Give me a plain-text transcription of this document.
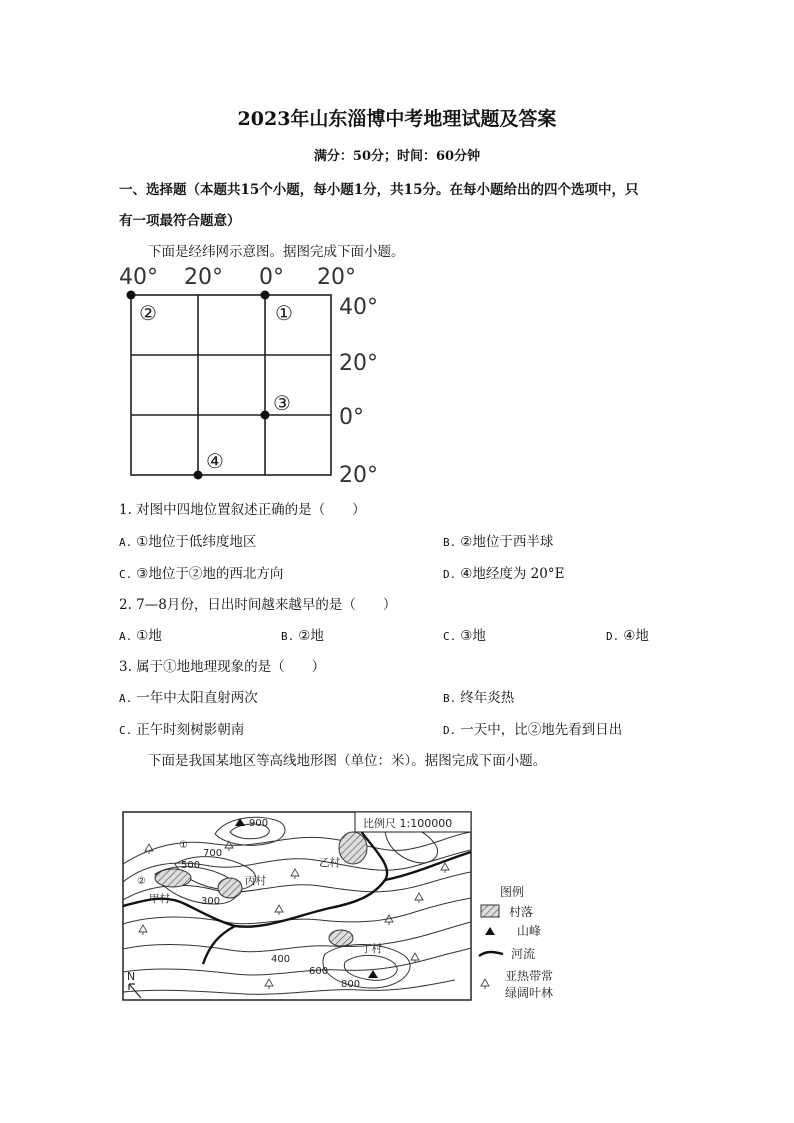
2023年山东淄博中考地理试题及答案
满分：50分；时间：60分钟
一、选择题（本题共15个小题，每小题1分，共15分。在每小题给出的四个选项中，只
有一项最符合题意）
下面是经纬网示意图。据图完成下面小题。
40° 20° 0° 20°
40°
20°
0°
20°
②	①
③
④
1. 对图中四地位置叙述正确的是（　　）
A. ①地位于低纬度地区	B. ②地位于西半球
C. ③地位于②地的西北方向	D. ④地经度为 20°E
2. 7—8月份，日出时间越来越早的是（　　）
A. ①地	B. ②地	C. ③地	D. ④地
3. 属于①地地理现象的是（　　）
A. 一年中太阳直射两次	B. 终年炎热
C. 正午时刻树影朝南	D. 一天中，比②地先看到日出
下面是我国某地区等高线地形图（单位：米）。据图完成下面小题。
比例尺 1:100000
900
800
700
500
300
400
600
甲村
乙村
丙村
丁村
①
②
N
图例
村落
山峰
河流
亚热带常
绿阔叶林
